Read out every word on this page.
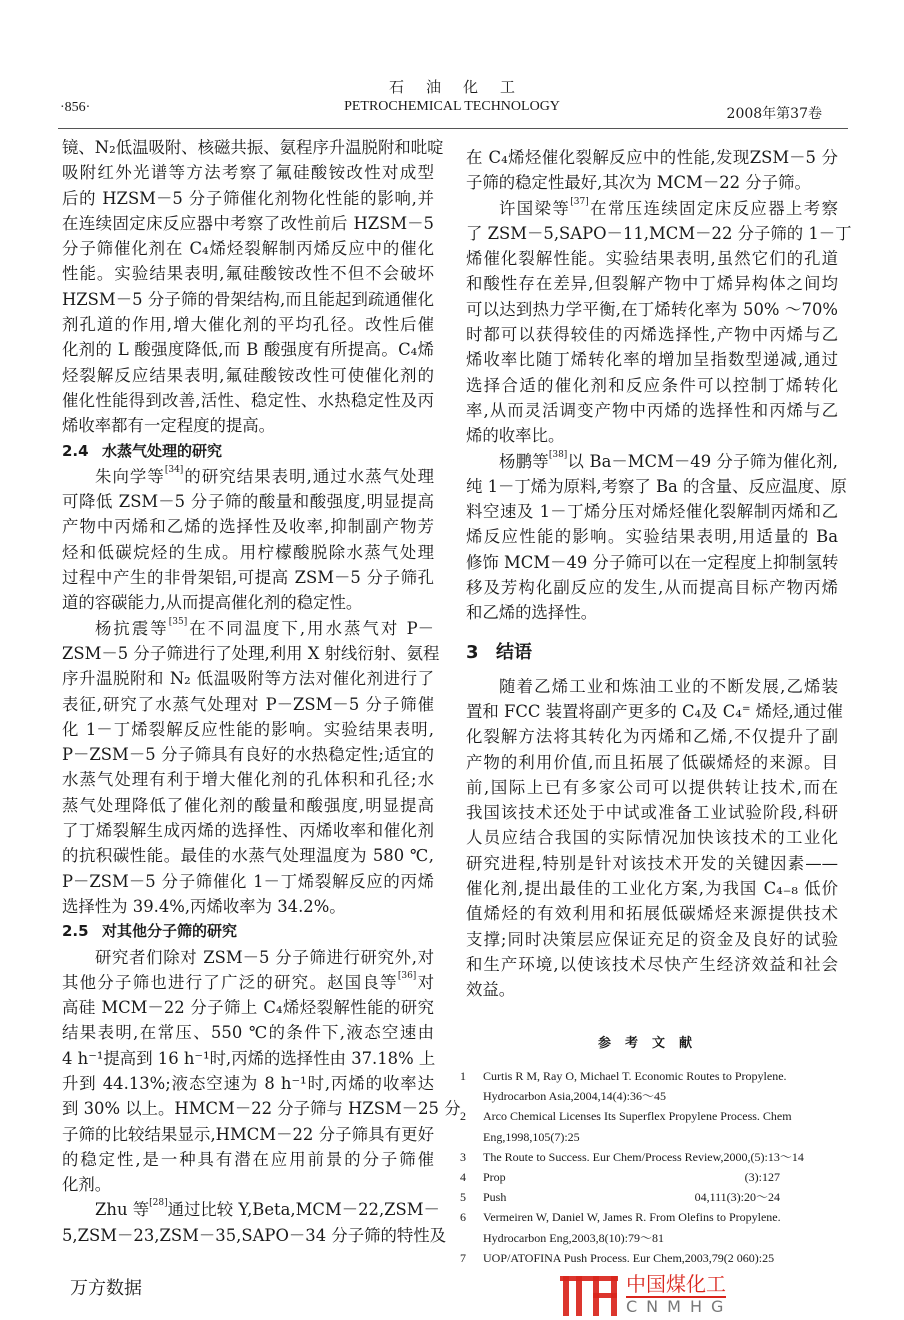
石油化工
PETROCHEMICAL TECHNOLOGY
·856·	2008年第37卷
镜、N₂低温吸附、核磁共振、氨程序升温脱附和吡啶
吸附红外光谱等方法考察了氟硅酸铵改性对成型
后的 HZSM－5 分子筛催化剂物化性能的影响,并
在连续固定床反应器中考察了改性前后 HZSM－5
分子筛催化剂在 C₄烯烃裂解制丙烯反应中的催化
性能。实验结果表明,氟硅酸铵改性不但不会破坏
HZSM－5 分子筛的骨架结构,而且能起到疏通催化
剂孔道的作用,增大催化剂的平均孔径。改性后催
化剂的 L 酸强度降低,而 B 酸强度有所提高。C₄烯
烃裂解反应结果表明,氟硅酸铵改性可使催化剂的
催化性能得到改善,活性、稳定性、水热稳定性及丙
烯收率都有一定程度的提高。
2.4 水蒸气处理的研究
朱向学等[34]的研究结果表明,通过水蒸气处理
可降低 ZSM－5 分子筛的酸量和酸强度,明显提高
产物中丙烯和乙烯的选择性及收率,抑制副产物芳
烃和低碳烷烃的生成。用柠檬酸脱除水蒸气处理
过程中产生的非骨架铝,可提高 ZSM－5 分子筛孔
道的容碳能力,从而提高催化剂的稳定性。
杨抗震等[35]在不同温度下,用水蒸气对 P－
ZSM－5 分子筛进行了处理,利用 X 射线衍射、氨程
序升温脱附和 N₂ 低温吸附等方法对催化剂进行了
表征,研究了水蒸气处理对 P－ZSM－5 分子筛催
化 1－丁烯裂解反应性能的影响。实验结果表明,
P－ZSM－5 分子筛具有良好的水热稳定性;适宜的
水蒸气处理有利于增大催化剂的孔体积和孔径;水
蒸气处理降低了催化剂的酸量和酸强度,明显提高
了丁烯裂解生成丙烯的选择性、丙烯收率和催化剂
的抗积碳性能。最佳的水蒸气处理温度为 580 ℃,
P－ZSM－5 分子筛催化 1－丁烯裂解反应的丙烯
选择性为 39.4%,丙烯收率为 34.2%。
2.5 对其他分子筛的研究
研究者们除对 ZSM－5 分子筛进行研究外,对
其他分子筛也进行了广泛的研究。赵国良等[36]对
高硅 MCM－22 分子筛上 C₄烯烃裂解性能的研究
结果表明,在常压、550 ℃的条件下,液态空速由
4 h⁻¹提高到 16 h⁻¹时,丙烯的选择性由 37.18% 上
升到 44.13%;液态空速为 8 h⁻¹时,丙烯的收率达
到 30% 以上。HMCM－22 分子筛与 HZSM－25 分
子筛的比较结果显示,HMCM－22 分子筛具有更好
的稳定性,是一种具有潜在应用前景的分子筛催
化剂。
Zhu 等[28]通过比较 Y,Beta,MCM－22,ZSM－
5,ZSM－23,ZSM－35,SAPO－34 分子筛的特性及
在 C₄烯烃催化裂解反应中的性能,发现ZSM－5 分
子筛的稳定性最好,其次为 MCM－22 分子筛。
许国梁等[37]在常压连续固定床反应器上考察
了 ZSM－5,SAPO－11,MCM－22 分子筛的 1－丁
烯催化裂解性能。实验结果表明,虽然它们的孔道
和酸性存在差异,但裂解产物中丁烯异构体之间均
可以达到热力学平衡,在丁烯转化率为 50% ～70%
时都可以获得较佳的丙烯选择性,产物中丙烯与乙
烯收率比随丁烯转化率的增加呈指数型递减,通过
选择合适的催化剂和反应条件可以控制丁烯转化
率,从而灵活调变产物中丙烯的选择性和丙烯与乙
烯的收率比。
杨鹏等[38]以 Ba－MCM－49 分子筛为催化剂,
纯 1－丁烯为原料,考察了 Ba 的含量、反应温度、原
料空速及 1－丁烯分压对烯烃催化裂解制丙烯和乙
烯反应性能的影响。实验结果表明,用适量的 Ba
修饰 MCM－49 分子筛可以在一定程度上抑制氢转
移及芳构化副反应的发生,从而提高目标产物丙烯
和乙烯的选择性。
3 结语
随着乙烯工业和炼油工业的不断发展,乙烯装
置和 FCC 装置将副产更多的 C₄及 C₄⁼ 烯烃,通过催
化裂解方法将其转化为丙烯和乙烯,不仅提升了副
产物的利用价值,而且拓展了低碳烯烃的来源。目
前,国际上已有多家公司可以提供转让技术,而在
我国该技术还处于中试或准备工业试验阶段,科研
人员应结合我国的实际情况加快该技术的工业化
研究进程,特别是针对该技术开发的关键因素——
催化剂,提出最佳的工业化方案,为我国 C₄₋₈ 低价
值烯烃的有效利用和拓展低碳烯烃来源提供技术
支撑;同时决策层应保证充足的资金及良好的试验
和生产环境,以使该技术尽快产生经济效益和社会
效益。
参考文献
1 Curtis R M, Ray O, Michael T. Economic Routes to Propylene.
Hydrocarbon Asia,2004,14(4):36～45
2 Arco Chemical Licenses Its Superflex Propylene Process. Chem
Eng,1998,105(7):25
3 The Route to Success. Eur Chem/Process Review,2000,(5):13～14
4 Prop	(3):127
5 Push	04,111(3):20～24
6 Vermeiren W, Daniel W, James R. From Olefins to Propylene.
Hydrocarbon Eng,2003,8(10):79～81
7 UOP/ATOFINA Push Process. Eur Chem,2003,79(2 060):25
中国煤化工
CNMHG
万方数据
